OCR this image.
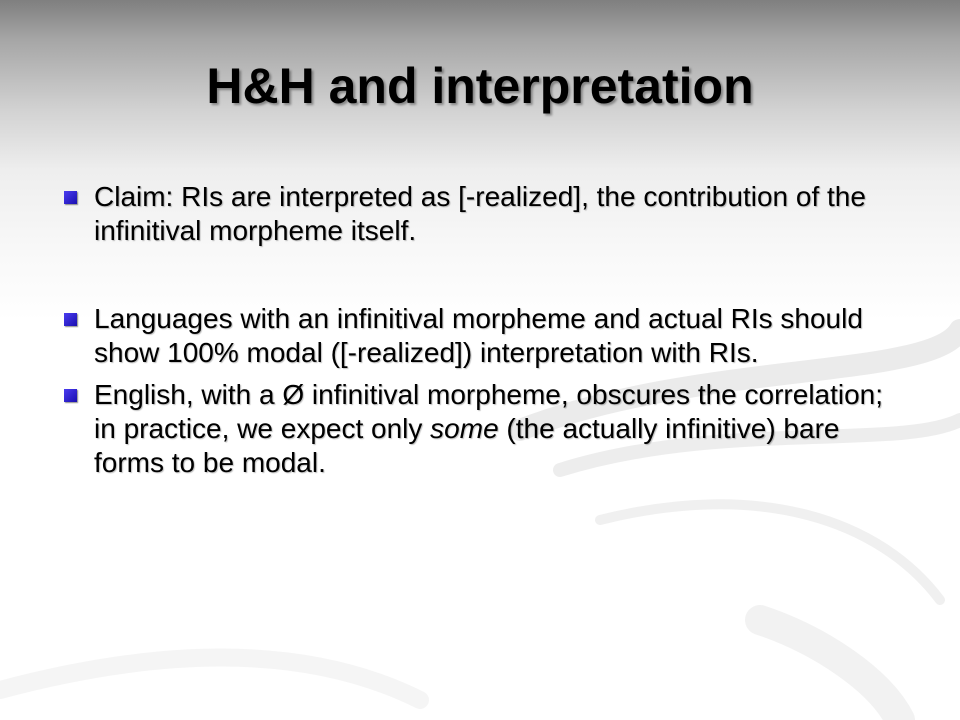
H&H and interpretation
Claim: RIs are interpreted as [-realized], the contribution of the infinitival morpheme itself.
Languages with an infinitival morpheme and actual RIs should show 100% modal ([-realized]) interpretation with RIs.
English, with a Ø infinitival morpheme, obscures the correlation; in practice, we expect only some (the actually infinitive) bare forms to be modal.
